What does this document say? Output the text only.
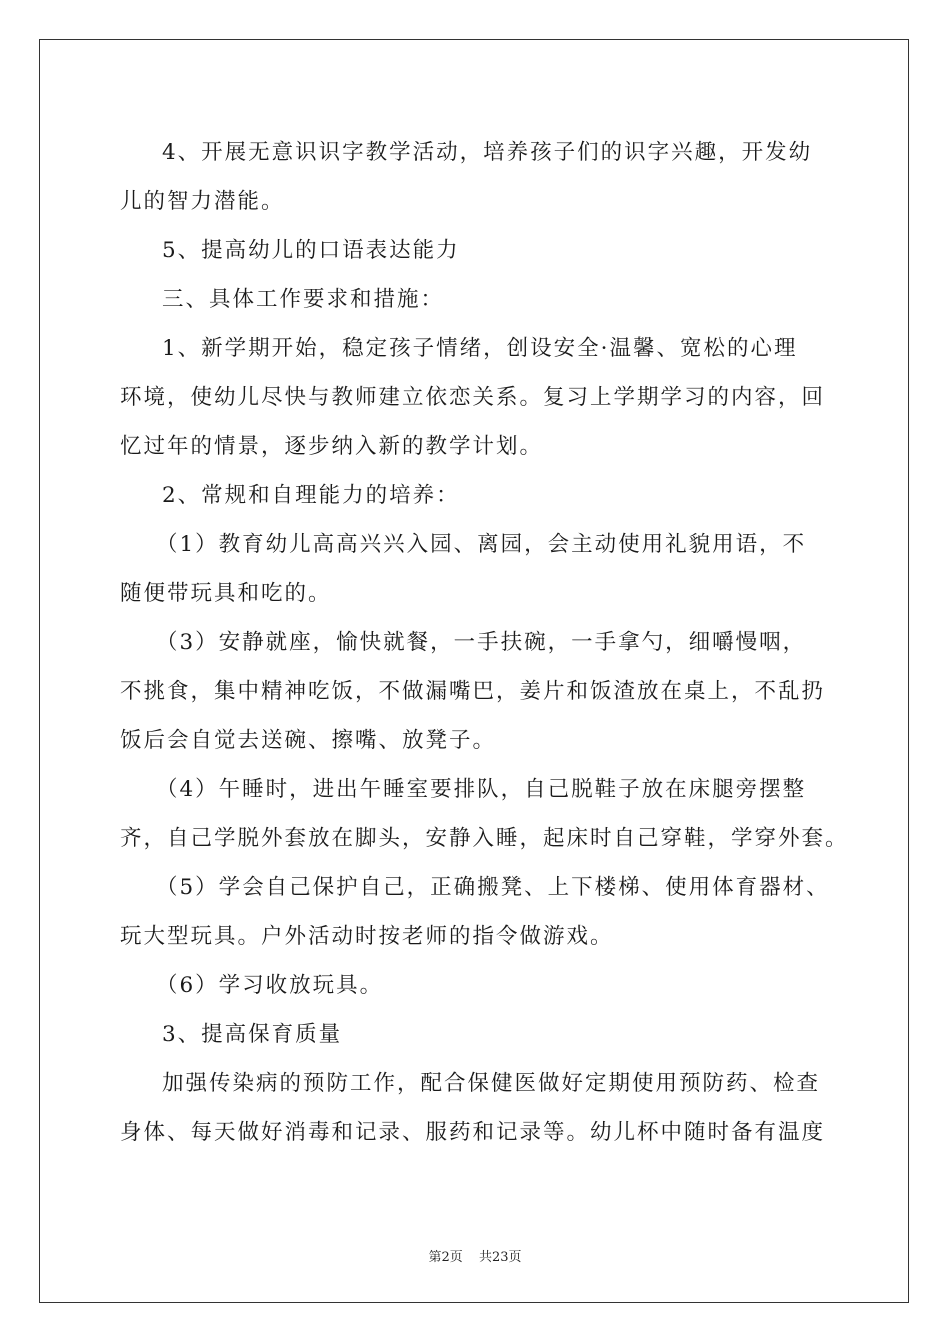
4、开展无意识识字教学活动，培养孩子们的识字兴趣，开发幼
儿的智力潜能。

5、提高幼儿的口语表达能力

三、具体工作要求和措施：

1、新学期开始，稳定孩子情绪，创设安全·温馨、宽松的心理
环境，使幼儿尽快与教师建立依恋关系。复习上学期学习的内容，回
忆过年的情景，逐步纳入新的教学计划。

2、常规和自理能力的培养：

（1）教育幼儿高高兴兴入园、离园，会主动使用礼貌用语，不
随便带玩具和吃的。

（3）安静就座，愉快就餐，一手扶碗，一手拿勺，细嚼慢咽，
不挑食，集中精神吃饭，不做漏嘴巴，姜片和饭渣放在桌上，不乱扔
饭后会自觉去送碗、擦嘴、放凳子。

（4）午睡时，进出午睡室要排队，自己脱鞋子放在床腿旁摆整
齐，自己学脱外套放在脚头，安静入睡，起床时自己穿鞋，学穿外套。

（5）学会自己保护自己，正确搬凳、上下楼梯、使用体育器材、
玩大型玩具。户外活动时按老师的指令做游戏。

（6）学习收放玩具。

3、提高保育质量

加强传染病的预防工作，配合保健医做好定期使用预防药、检查
身体、每天做好消毒和记录、服药和记录等。幼儿杯中随时备有温度

第2页 共23页
